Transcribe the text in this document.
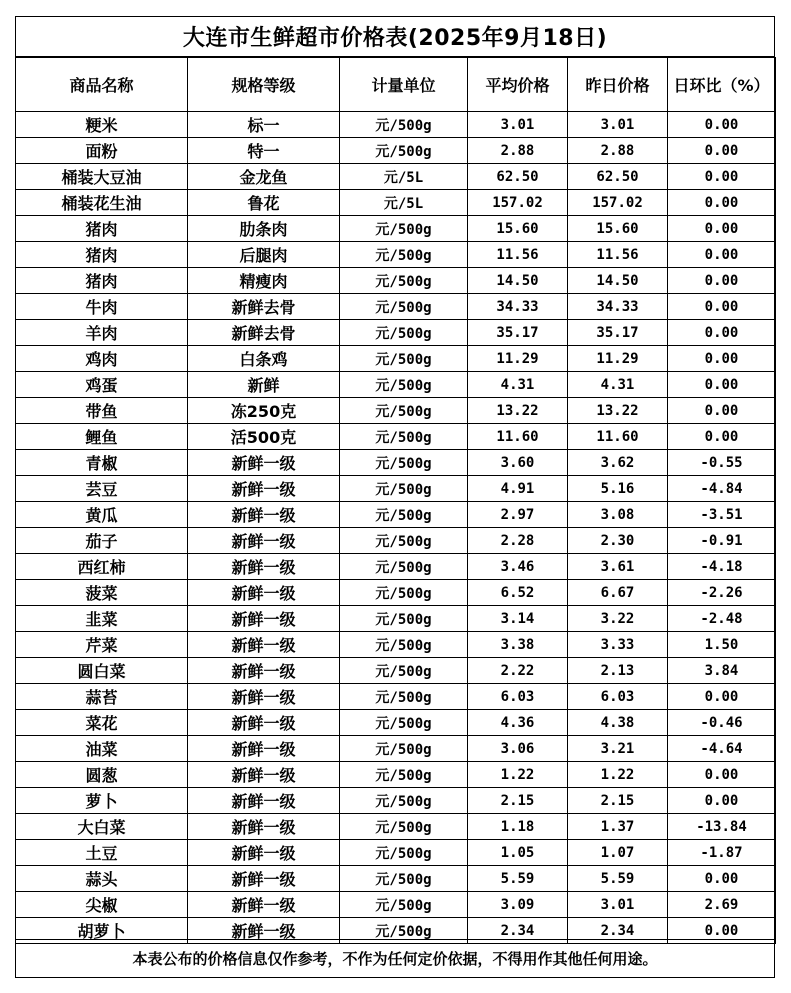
大连市生鲜超市价格表(2025年9月18日)
商品名称	规格等级	计量单位	平均价格	昨日价格	日环比（%）
粳米	标一	元/500g	3.01	3.01	0.00
面粉	特一	元/500g	2.88	2.88	0.00
桶装大豆油	金龙鱼	元/5L	62.50	62.50	0.00
桶装花生油	鲁花	元/5L	157.02	157.02	0.00
猪肉	肋条肉	元/500g	15.60	15.60	0.00
猪肉	后腿肉	元/500g	11.56	11.56	0.00
猪肉	精瘦肉	元/500g	14.50	14.50	0.00
牛肉	新鲜去骨	元/500g	34.33	34.33	0.00
羊肉	新鲜去骨	元/500g	35.17	35.17	0.00
鸡肉	白条鸡	元/500g	11.29	11.29	0.00
鸡蛋	新鲜	元/500g	4.31	4.31	0.00
带鱼	冻250克	元/500g	13.22	13.22	0.00
鲤鱼	活500克	元/500g	11.60	11.60	0.00
青椒	新鲜一级	元/500g	3.60	3.62	-0.55
芸豆	新鲜一级	元/500g	4.91	5.16	-4.84
黄瓜	新鲜一级	元/500g	2.97	3.08	-3.51
茄子	新鲜一级	元/500g	2.28	2.30	-0.91
西红柿	新鲜一级	元/500g	3.46	3.61	-4.18
菠菜	新鲜一级	元/500g	6.52	6.67	-2.26
韭菜	新鲜一级	元/500g	3.14	3.22	-2.48
芹菜	新鲜一级	元/500g	3.38	3.33	1.50
圆白菜	新鲜一级	元/500g	2.22	2.13	3.84
蒜苔	新鲜一级	元/500g	6.03	6.03	0.00
菜花	新鲜一级	元/500g	4.36	4.38	-0.46
油菜	新鲜一级	元/500g	3.06	3.21	-4.64
圆葱	新鲜一级	元/500g	1.22	1.22	0.00
萝卜	新鲜一级	元/500g	2.15	2.15	0.00
大白菜	新鲜一级	元/500g	1.18	1.37	-13.84
土豆	新鲜一级	元/500g	1.05	1.07	-1.87
蒜头	新鲜一级	元/500g	5.59	5.59	0.00
尖椒	新鲜一级	元/500g	3.09	3.01	2.69
胡萝卜	新鲜一级	元/500g	2.34	2.34	0.00
本表公布的价格信息仅作参考，不作为任何定价依据，不得用作其他任何用途。
